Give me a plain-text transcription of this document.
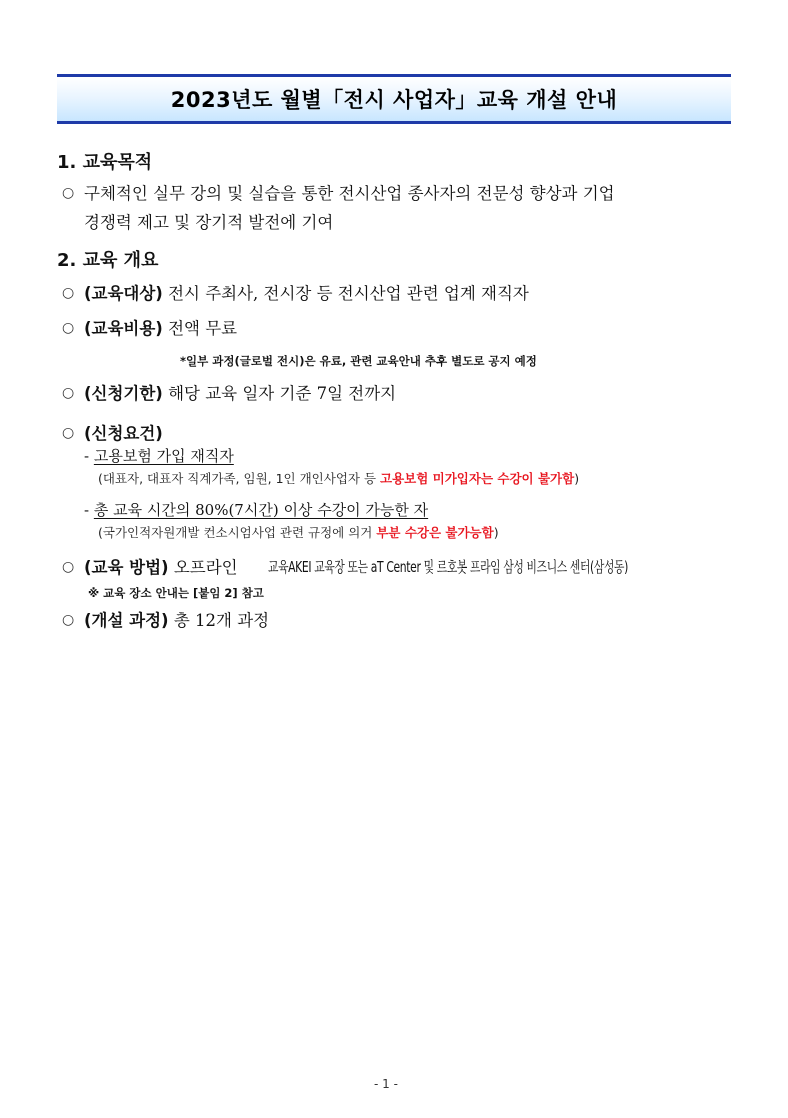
2023년도 월별「전시 사업자」교육 개설 안내
1. 교육목적
○ 구체적인 실무 강의 및 실습을 통한 전시산업 종사자의 전문성 향상과 기업
경쟁력 제고 및 장기적 발전에 기여
2. 교육 개요
○ (교육대상) 전시 주최사, 전시장 등 전시산업 관련 업계 재직자
○ (교육비용) 전액 무료
*일부 과정(글로벌 전시)은 유료, 관련 교육안내 추후 별도로 공지 예정
○ (신청기한) 해당 교육 일자 기준 7일 전까지
○ (신청요건)
- 고용보험 가입 재직자
(대표자, 대표자 직계가족, 임원, 1인 개인사업자 등 고용보험 미가입자는 수강이 불가함)
- 총 교육 시간의 80%(7시간) 이상 수강이 가능한 자
(국가인적자원개발 컨소시엄사업 관련 규정에 의거 부분 수강은 불가능함)
○ (교육 방법) 오프라인 교육AKEI 교육장 또는 aT Center 및 르호봇 프라임 삼성 비즈니스 센터(삼성동)
※ 교육 장소 안내는 [붙임 2] 참고
○ (개설 과정) 총 12개 과정
- 1 -
